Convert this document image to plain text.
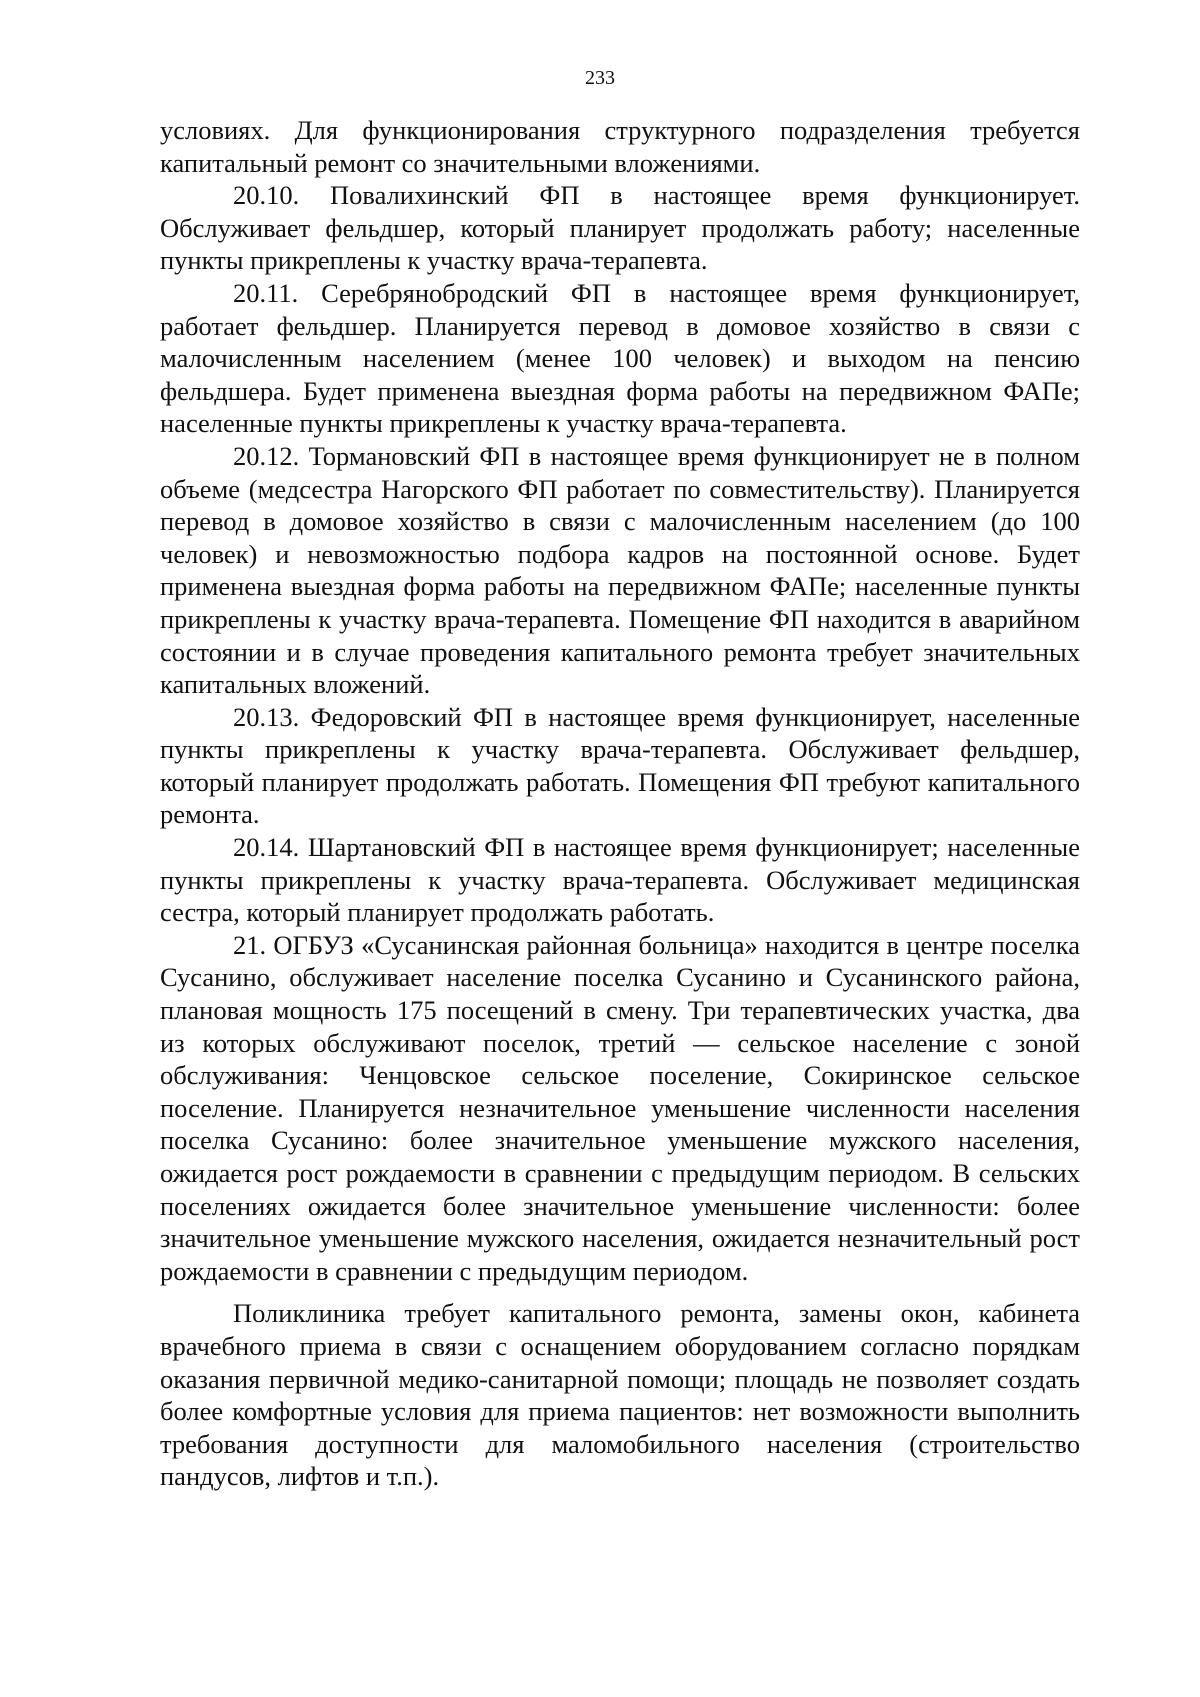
233

условиях. Для функционирования структурного подразделения требуется капитальный ремонт со значительными вложениями.

20.10. Повалихинский ФП в настоящее время функционирует. Обслуживает фельдшер, который планирует продолжать работу; населенные пункты прикреплены к участку врача-терапевта.

20.11. Серебрянобродский ФП в настоящее время функционирует, работает фельдшер. Планируется перевод в домовое хозяйство в связи с малочисленным населением (менее 100 человек) и выходом на пенсию фельдшера. Будет применена выездная форма работы на передвижном ФАПе; населенные пункты прикреплены к участку врача-терапевта.

20.12. Тормановский ФП в настоящее время функционирует не в полном объеме (медсестра Нагорского ФП работает по совместительству). Планируется перевод в домовое хозяйство в связи с малочисленным населением (до 100 человек) и невозможностью подбора кадров на постоянной основе. Будет применена выездная форма работы на передвижном ФАПе; населенные пункты прикреплены к участку врача-терапевта. Помещение ФП находится в аварийном состоянии и в случае проведения капитального ремонта требует значительных капитальных вложений.

20.13. Федоровский ФП в настоящее время функционирует, населенные пункты прикреплены к участку врача-терапевта. Обслуживает фельдшер, который планирует продолжать работать. Помещения ФП требуют капитального ремонта.

20.14. Шартановский ФП в настоящее время функционирует; населенные пункты прикреплены к участку врача-терапевта. Обслуживает медицинская сестра, который планирует продолжать работать.

21. ОГБУЗ «Сусанинская районная больница» находится в центре поселка Сусанино, обслуживает население поселка Сусанино и Сусанинского района, плановая мощность 175 посещений в смену. Три терапевтических участка, два из которых обслуживают поселок, третий — сельское население с зоной обслуживания: Ченцовское сельское поселение, Сокиринское сельское поселение. Планируется незначительное уменьшение численности населения поселка Сусанино: более значительное уменьшение мужского населения, ожидается рост рождаемости в сравнении с предыдущим периодом. В сельских поселениях ожидается более значительное уменьшение численности: более значительное уменьшение мужского населения, ожидается незначительный рост рождаемости в сравнении с предыдущим периодом.

Поликлиника требует капитального ремонта, замены окон, кабинета врачебного приема в связи с оснащением оборудованием согласно порядкам оказания первичной медико-санитарной помощи; площадь не позволяет создать более комфортные условия для приема пациентов: нет возможности выполнить требования доступности для маломобильного населения (строительство пандусов, лифтов и т.п.).
